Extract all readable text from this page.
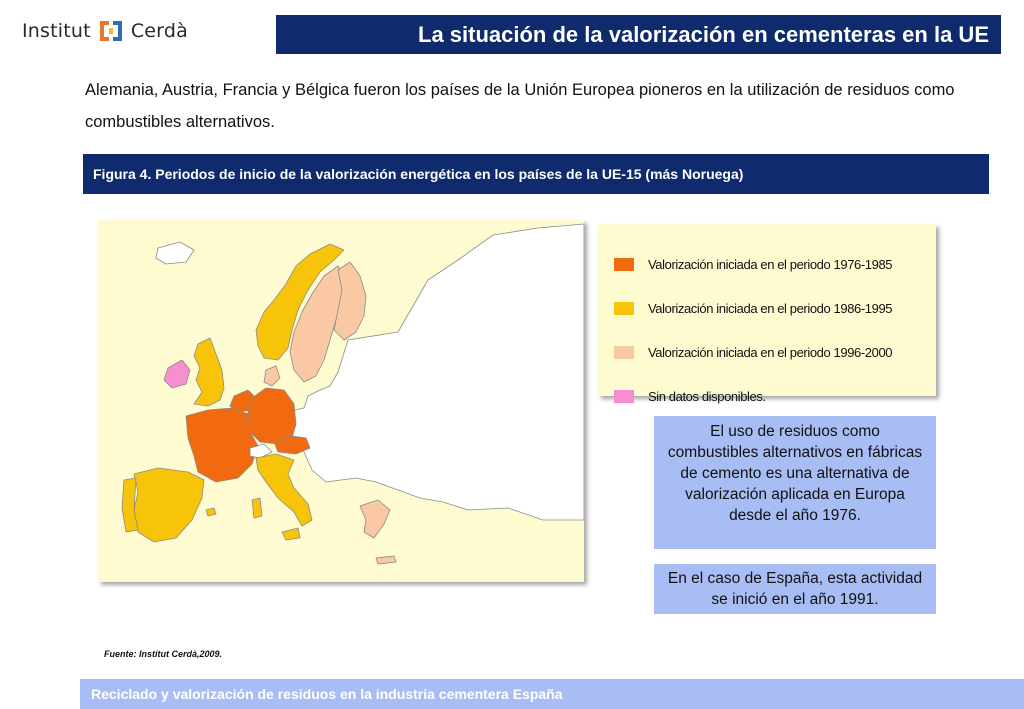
Institut Cerdà	La situación de la valorización en cementeras en la UE
Alemania, Austria, Francia y Bélgica fueron los países de la Unión Europea pioneros en la utilización de residuos como combustibles alternativos.
Figura 4. Periodos de inicio de la valorización energética en los países de la UE-15 (más Noruega)
Valorización iniciada en el periodo 1976-1985
Valorización iniciada en el periodo 1986-1995
Valorización iniciada en el periodo 1996-2000
Sin datos disponibles.
El uso de residuos como combustibles alternativos en fábricas de cemento es una alternativa de valorización aplicada en Europa desde el año 1976.
En el caso de España, esta actividad se inició en el año 1991.
Fuente: Institut Cerdà,2009.
Reciclado y valorización de residuos en la industria cementera España
